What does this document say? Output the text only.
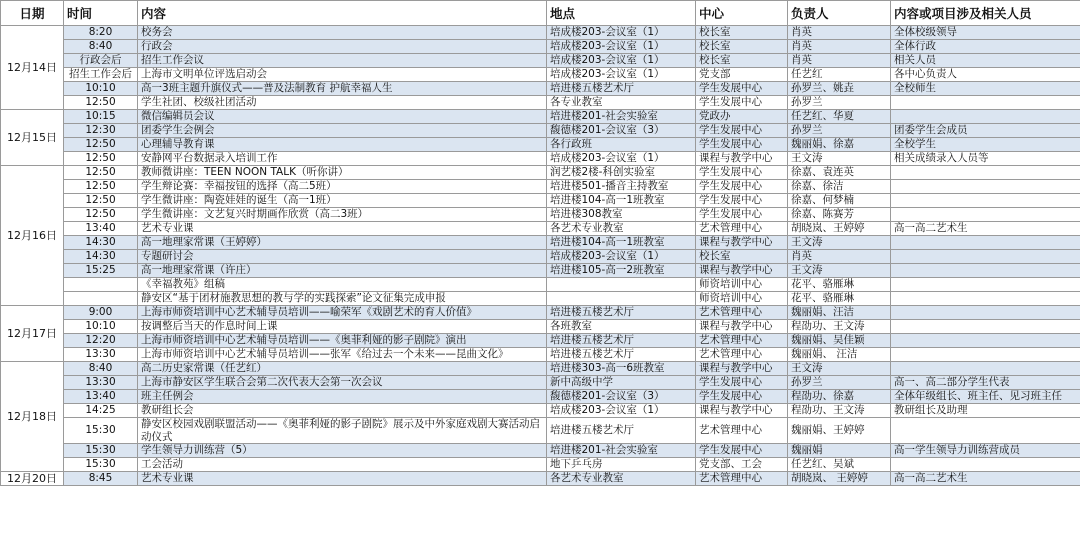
日期	时间	内容	地点	中心	负责人	内容或项目涉及相关人员
12月14日	8:20	校务会	培成楼203-会议室（1）	校长室	肖英	全体校级领导
	8:40	行政会	培成楼203-会议室（1）	校长室	肖英	全体行政
	行政会后	招生工作会议	培成楼203-会议室（1）	校长室	肖英	相关人员
	招生工作会后	上海市文明单位评选启动会	培成楼203-会议室（1）	党支部	任艺红	各中心负责人
	10:10	高一3班主题升旗仪式——普及法制教育 护航幸福人生	培进楼五楼艺术厅	学生发展中心	孙罗兰、姚垚	全校师生
	12:50	学生社团、校级社团活动	各专业教室	学生发展中心	孙罗兰	
12月15日	10:15	微信编辑员会议	培进楼201-社会实验室	党政办	任艺红、华夏	
	12:30	团委学生会例会	馥德楼201-会议室（3）	学生发展中心	孙罗兰	团委学生会成员
	12:50	心理辅导教育课	各行政班	学生发展中心	魏丽娟、徐嘉	全校学生
	12:50	安静网平台数据录入培训工作	培成楼203-会议室（1）	课程与教学中心	王文涛	相关成绩录入人员等
12月16日	12:50	教师微讲座：TEEN NOON TALK（听你讲）	润艺楼2楼-科创实验室	学生发展中心	徐嘉、袁连英	
	12:50	学生辩论赛：幸福按钮的选择（高二5班）	培进楼501-播音主持教室	学生发展中心	徐嘉、徐洁	
	12:50	学生微讲座：陶瓷娃娃的诞生（高一1班）	培进楼104-高一1班教室	学生发展中心	徐嘉、何梦楠	
	12:50	学生微讲座：文艺复兴时期画作欣赏（高二3班）	培进楼308教室	学生发展中心	徐嘉、陈赛芳	
	13:40	艺术专业课	各艺术专业教室	艺术管理中心	胡晓岚、王婷婷	高一高二艺术生
	14:30	高一地理家常课（王婷婷）	培进楼104-高一1班教室	课程与教学中心	王文涛	
	14:30	专题研讨会	培成楼203-会议室（1）	校长室	肖英	
	15:25	高一地理家常课（许庄）	培进楼105-高一2班教室	课程与教学中心	王文涛	
		《幸福教苑》组稿		师资培训中心	花平、骆雁琳	
		静安区“基于团材施教思想的教与学的实践探索”论文征集完成申报		师资培训中心	花平、骆雁琳	
12月17日	9:00	上海市师资培训中心艺术辅导员培训——喻荣军《戏剧艺术的育人价值》	培进楼五楼艺术厅	艺术管理中心	魏丽娟、汪洁	
	10:10	按调整后当天的作息时间上课	各班教室	课程与教学中心	程劭功、王文涛	
	12:20	上海市师资培训中心艺术辅导员培训——《奥菲利娅的影子剧院》演出	培进楼五楼艺术厅	艺术管理中心	魏丽娟、吴佳颖	
	13:30	上海市师资培训中心艺术辅导员培训——张军《给过去一个未来——昆曲文化》	培进楼五楼艺术厅	艺术管理中心	魏丽娟、 汪洁	
12月18日	8:40	高二历史家常课（任艺红）	培进楼303-高一6班教室	课程与教学中心	王文涛	
	13:30	上海市静安区学生联合会第二次代表大会第一次会议	新中高级中学	学生发展中心	孙罗兰	高一、高二部分学生代表
	13:40	班主任例会	馥德楼201-会议室（3）	学生发展中心	程劭功、徐嘉	全体年级组长、班主任、见习班主任
	14:25	教研组长会	培成楼203-会议室（1）	课程与教学中心	程劭功、王文涛	教研组长及助理
	15:30	静安区校园戏剧联盟活动——《奥菲利娅的影子剧院》展示及中外家庭戏剧大赛活动启动仪式	培进楼五楼艺术厅	艺术管理中心	魏丽娟、王婷婷	
	15:30	学生领导力训练营（5）	培进楼201-社会实验室	学生发展中心	魏丽娟	高一学生领导力训练营成员
	15:30	工会活动	地下乒乓房	党支部、工会	任艺红、吴斌	
12月20日	8:45	艺术专业课	各艺术专业教室	艺术管理中心	胡晓岚、 王婷婷	高一高二艺术生
